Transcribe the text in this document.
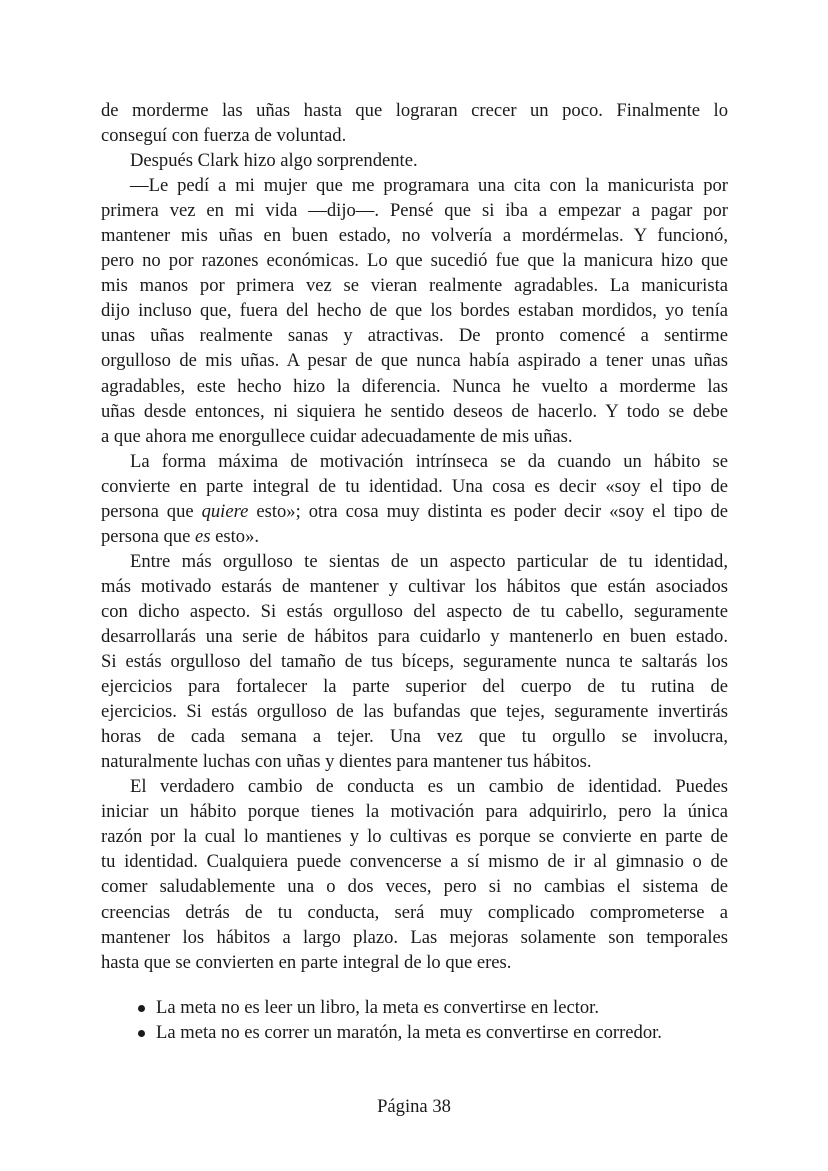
de morderme las uñas hasta que lograran crecer un poco. Finalmente lo
conseguí con fuerza de voluntad.
Después Clark hizo algo sorprendente.
—Le pedí a mi mujer que me programara una cita con la manicurista por
primera vez en mi vida —dijo—. Pensé que si iba a empezar a pagar por
mantener mis uñas en buen estado, no volvería a mordérmelas. Y funcionó,
pero no por razones económicas. Lo que sucedió fue que la manicura hizo que
mis manos por primera vez se vieran realmente agradables. La manicurista
dijo incluso que, fuera del hecho de que los bordes estaban mordidos, yo tenía
unas uñas realmente sanas y atractivas. De pronto comencé a sentirme
orgulloso de mis uñas. A pesar de que nunca había aspirado a tener unas uñas
agradables, este hecho hizo la diferencia. Nunca he vuelto a morderme las
uñas desde entonces, ni siquiera he sentido deseos de hacerlo. Y todo se debe
a que ahora me enorgullece cuidar adecuadamente de mis uñas.
La forma máxima de motivación intrínseca se da cuando un hábito se
convierte en parte integral de tu identidad. Una cosa es decir «soy el tipo de
persona que quiere esto»; otra cosa muy distinta es poder decir «soy el tipo de
persona que es esto».
Entre más orgulloso te sientas de un aspecto particular de tu identidad,
más motivado estarás de mantener y cultivar los hábitos que están asociados
con dicho aspecto. Si estás orgulloso del aspecto de tu cabello, seguramente
desarrollarás una serie de hábitos para cuidarlo y mantenerlo en buen estado.
Si estás orgulloso del tamaño de tus bíceps, seguramente nunca te saltarás los
ejercicios para fortalecer la parte superior del cuerpo de tu rutina de
ejercicios. Si estás orgulloso de las bufandas que tejes, seguramente invertirás
horas de cada semana a tejer. Una vez que tu orgullo se involucra,
naturalmente luchas con uñas y dientes para mantener tus hábitos.
El verdadero cambio de conducta es un cambio de identidad. Puedes
iniciar un hábito porque tienes la motivación para adquirirlo, pero la única
razón por la cual lo mantienes y lo cultivas es porque se convierte en parte de
tu identidad. Cualquiera puede convencerse a sí mismo de ir al gimnasio o de
comer saludablemente una o dos veces, pero si no cambias el sistema de
creencias detrás de tu conducta, será muy complicado comprometerse a
mantener los hábitos a largo plazo. Las mejoras solamente son temporales
hasta que se convierten en parte integral de lo que eres.
La meta no es leer un libro, la meta es convertirse en lector.
La meta no es correr un maratón, la meta es convertirse en corredor.
Página 38
